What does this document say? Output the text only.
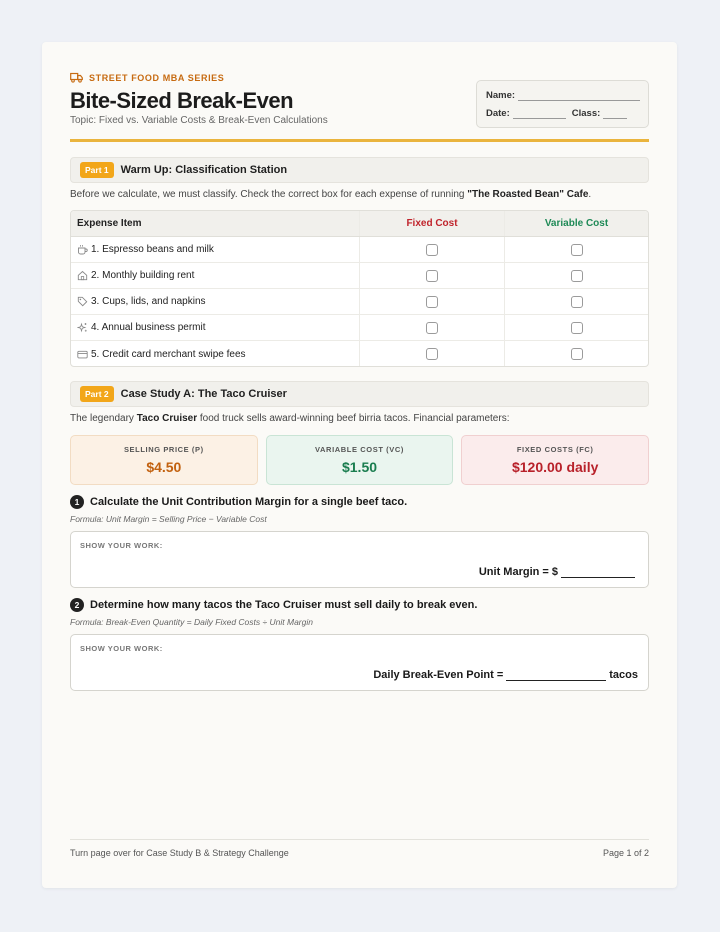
STREET FOOD MBA SERIES
Bite-Sized Break-Even
Topic: Fixed vs. Variable Costs & Break-Even Calculations
Name:
Date:	Class:
Part 1	Warm Up: Classification Station
Before we calculate, we must classify. Check the correct box for each expense of running "The Roasted Bean" Cafe.
Expense Item	Fixed Cost	Variable Cost
1. Espresso beans and milk
2. Monthly building rent
3. Cups, lids, and napkins
4. Annual business permit
5. Credit card merchant swipe fees
Part 2	Case Study A: The Taco Cruiser
The legendary Taco Cruiser food truck sells award-winning beef birria tacos. Financial parameters:
SELLING PRICE (P)
$4.50
VARIABLE COST (VC)
$1.50
FIXED COSTS (FC)
$120.00 daily
1 Calculate the Unit Contribution Margin for a single beef taco.
Formula: Unit Margin = Selling Price − Variable Cost
SHOW YOUR WORK:
Unit Margin = $
2 Determine how many tacos the Taco Cruiser must sell daily to break even.
Formula: Break-Even Quantity = Daily Fixed Costs ÷ Unit Margin
SHOW YOUR WORK:
Daily Break-Even Point =	tacos
Turn page over for Case Study B & Strategy Challenge	Page 1 of 2
